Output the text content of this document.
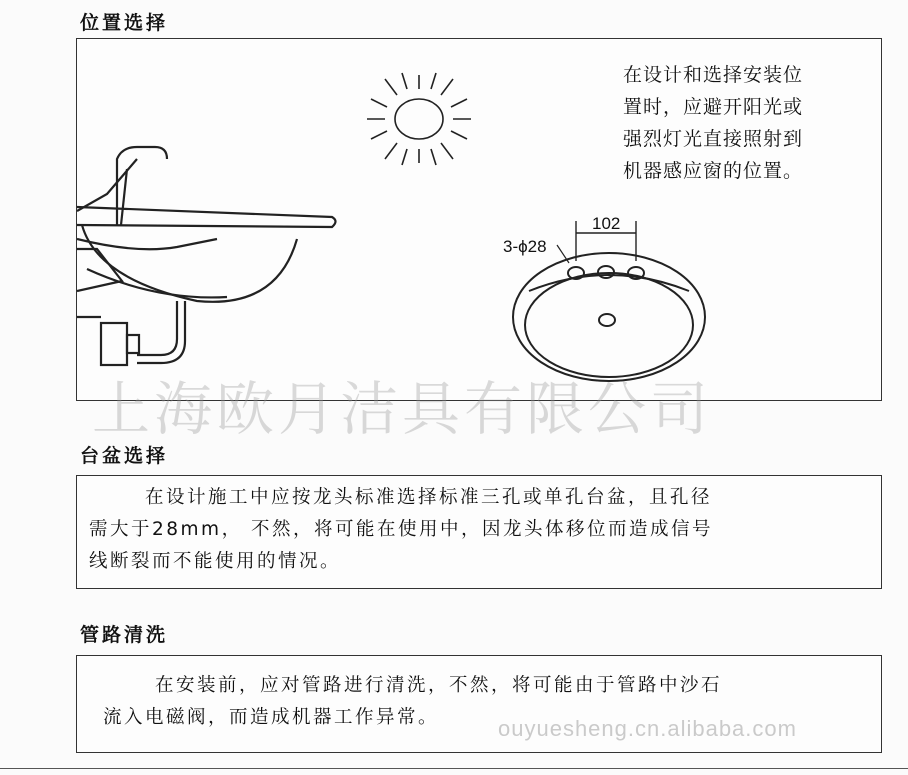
位置选择
102
3-ϕ28
在设计和选择安装位
置时，应避开阳光或
强烈灯光直接照射到
机器感应窗的位置。
上海欧月洁具有限公司
台盆选择
在设计施工中应按龙头标准选择标准三孔或单孔台盆，且孔径
需大于28mm， 不然，将可能在使用中，因龙头体移位而造成信号
线断裂而不能使用的情况。
管路清洗
在安装前，应对管路进行清洗，不然，将可能由于管路中沙石
流入电磁阀，而造成机器工作异常。	ouyuesheng.cn.alibaba.com
